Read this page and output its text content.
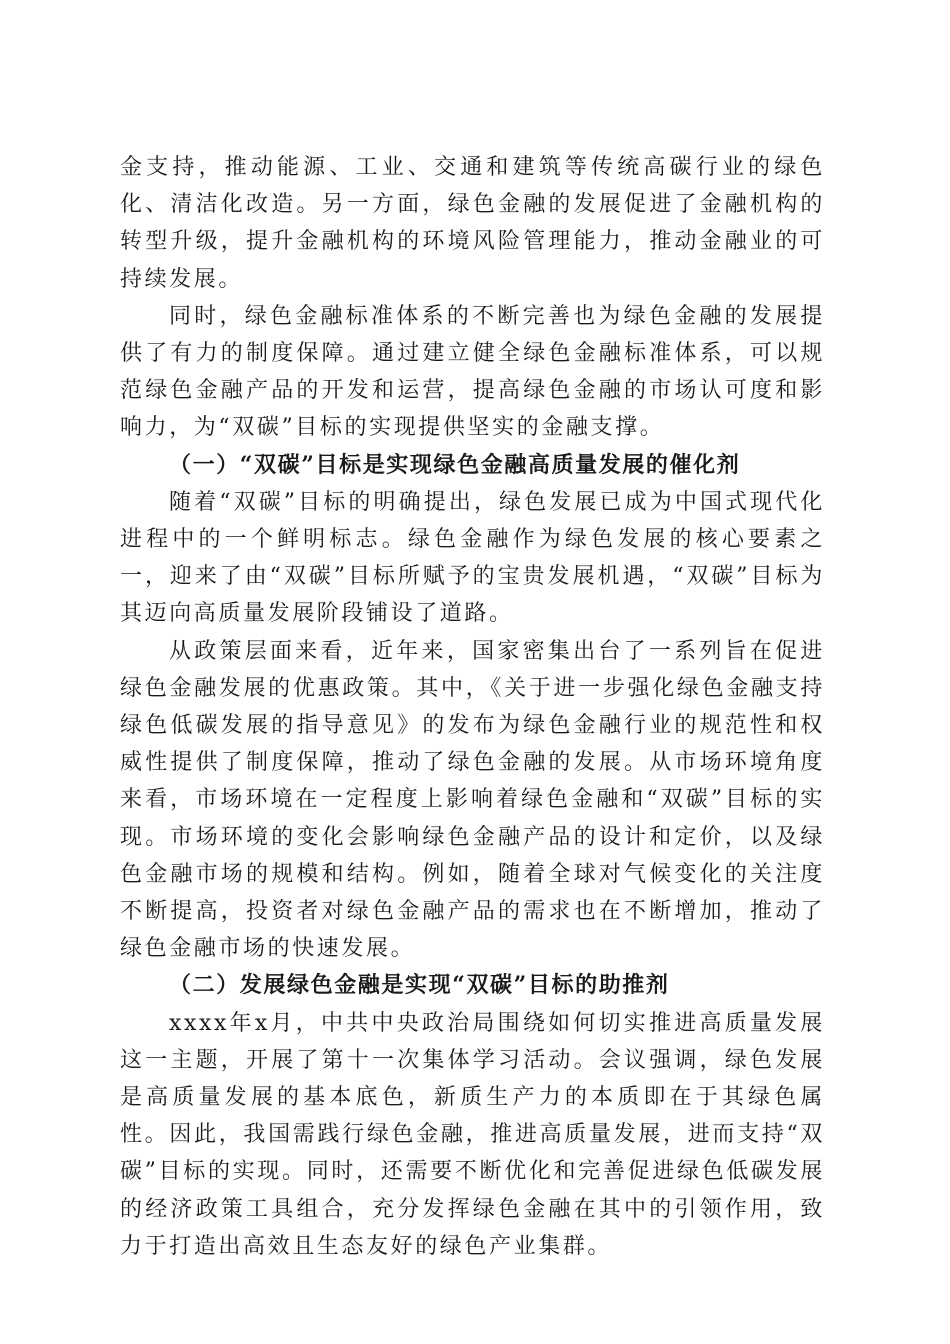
金支持，推动能源、工业、交通和建筑等传统高碳行业的绿色化、清洁化改造。另一方面，绿色金融的发展促进了金融机构的转型升级，提升金融机构的环境风险管理能力，推动金融业的可持续发展。

同时，绿色金融标准体系的不断完善也为绿色金融的发展提供了有力的制度保障。通过建立健全绿色金融标准体系，可以规范绿色金融产品的开发和运营，提高绿色金融的市场认可度和影响力，为“双碳”目标的实现提供坚实的金融支撑。

（一）“双碳”目标是实现绿色金融高质量发展的催化剂

随着“双碳”目标的明确提出，绿色发展已成为中国式现代化进程中的一个鲜明标志。绿色金融作为绿色发展的核心要素之一，迎来了由“双碳”目标所赋予的宝贵发展机遇，“双碳”目标为其迈向高质量发展阶段铺设了道路。

从政策层面来看，近年来，国家密集出台了一系列旨在促进绿色金融发展的优惠政策。其中，《关于进一步强化绿色金融支持绿色低碳发展的指导意见》的发布为绿色金融行业的规范性和权威性提供了制度保障，推动了绿色金融的发展。从市场环境角度来看，市场环境在一定程度上影响着绿色金融和“双碳”目标的实现。市场环境的变化会影响绿色金融产品的设计和定价，以及绿色金融市场的规模和结构。例如，随着全球对气候变化的关注度不断提高，投资者对绿色金融产品的需求也在不断增加，推动了绿色金融市场的快速发展。

（二）发展绿色金融是实现“双碳”目标的助推剂

xxxx年x月，中共中央政治局围绕如何切实推进高质量发展这一主题，开展了第十一次集体学习活动。会议强调，绿色发展是高质量发展的基本底色，新质生产力的本质即在于其绿色属性。因此，我国需践行绿色金融，推进高质量发展，进而支持“双碳”目标的实现。同时，还需要不断优化和完善促进绿色低碳发展的经济政策工具组合，充分发挥绿色金融在其中的引领作用，致力于打造出高效且生态友好的绿色产业集群。
